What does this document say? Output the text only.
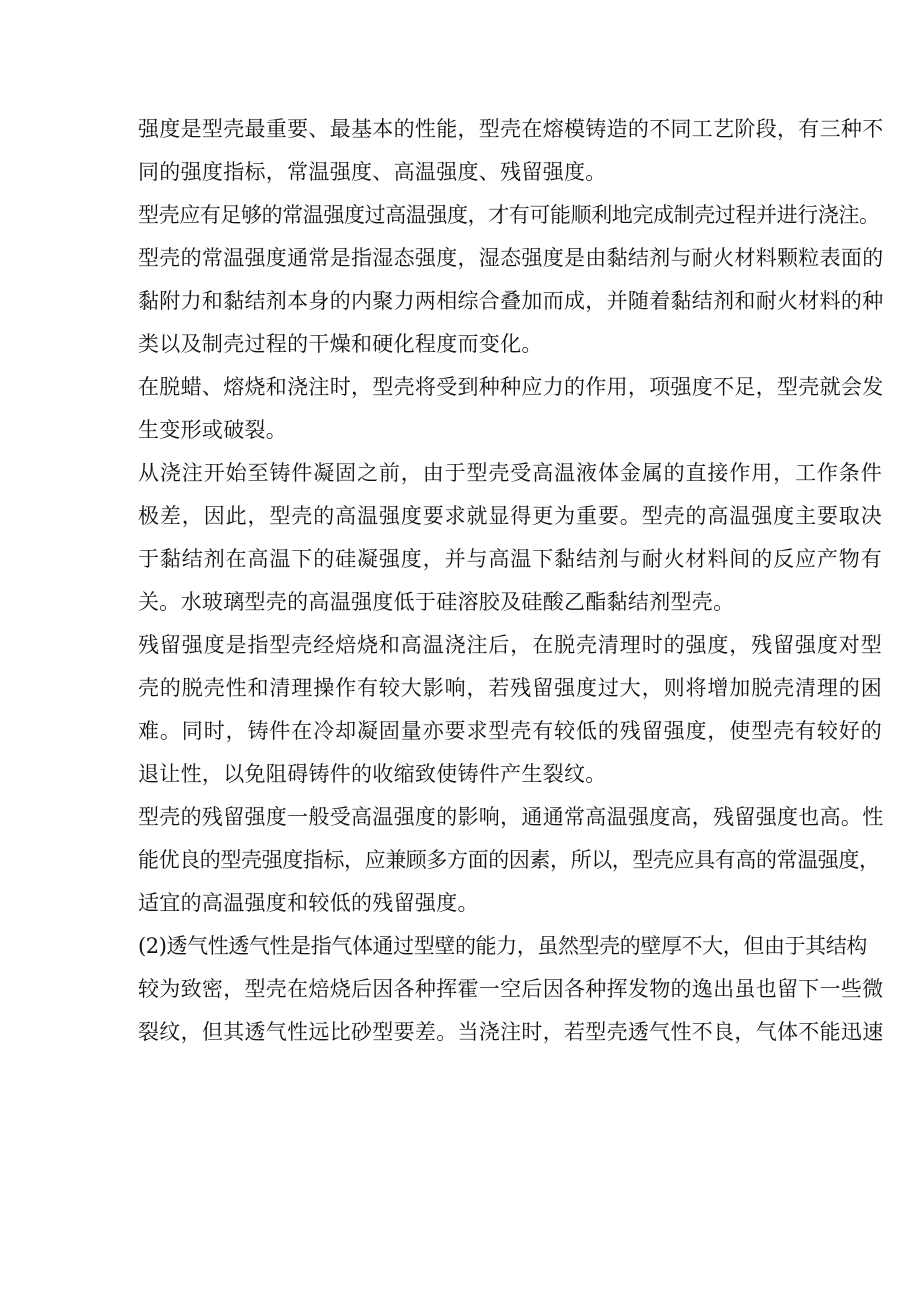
强度是型壳最重要、最基本的性能，型壳在熔模铸造的不同工艺阶段，有三种不
同的强度指标，常温强度、高温强度、残留强度。
型壳应有足够的常温强度过高温强度，才有可能顺利地完成制壳过程并进行浇注。
型壳的常温强度通常是指湿态强度，湿态强度是由黏结剂与耐火材料颗粒表面的
黏附力和黏结剂本身的内聚力两相综合叠加而成，并随着黏结剂和耐火材料的种
类以及制壳过程的干燥和硬化程度而变化。
在脱蜡、熔烧和浇注时，型壳将受到种种应力的作用，项强度不足，型壳就会发
生变形或破裂。
从浇注开始至铸件凝固之前，由于型壳受高温液体金属的直接作用，工作条件
极差，因此，型壳的高温强度要求就显得更为重要。型壳的高温强度主要取决
于黏结剂在高温下的硅凝强度，并与高温下黏结剂与耐火材料间的反应产物有
关。水玻璃型壳的高温强度低于硅溶胶及硅酸乙酯黏结剂型壳。
残留强度是指型壳经焙烧和高温浇注后，在脱壳清理时的强度，残留强度对型
壳的脱壳性和清理操作有较大影响，若残留强度过大，则将增加脱壳清理的困
难。同时，铸件在冷却凝固量亦要求型壳有较低的残留强度，使型壳有较好的
退让性，以免阻碍铸件的收缩致使铸件产生裂纹。
型壳的残留强度一般受高温强度的影响，通通常高温强度高，残留强度也高。性
能优良的型壳强度指标，应兼顾多方面的因素，所以，型壳应具有高的常温强度，
适宜的高温强度和较低的残留强度。
(2)透气性透气性是指气体通过型壁的能力，虽然型壳的壁厚不大，但由于其结构
较为致密，型壳在焙烧后因各种挥霍一空后因各种挥发物的逸出虽也留下一些微
裂纹，但其透气性远比砂型要差。当浇注时，若型壳透气性不良，气体不能迅速
